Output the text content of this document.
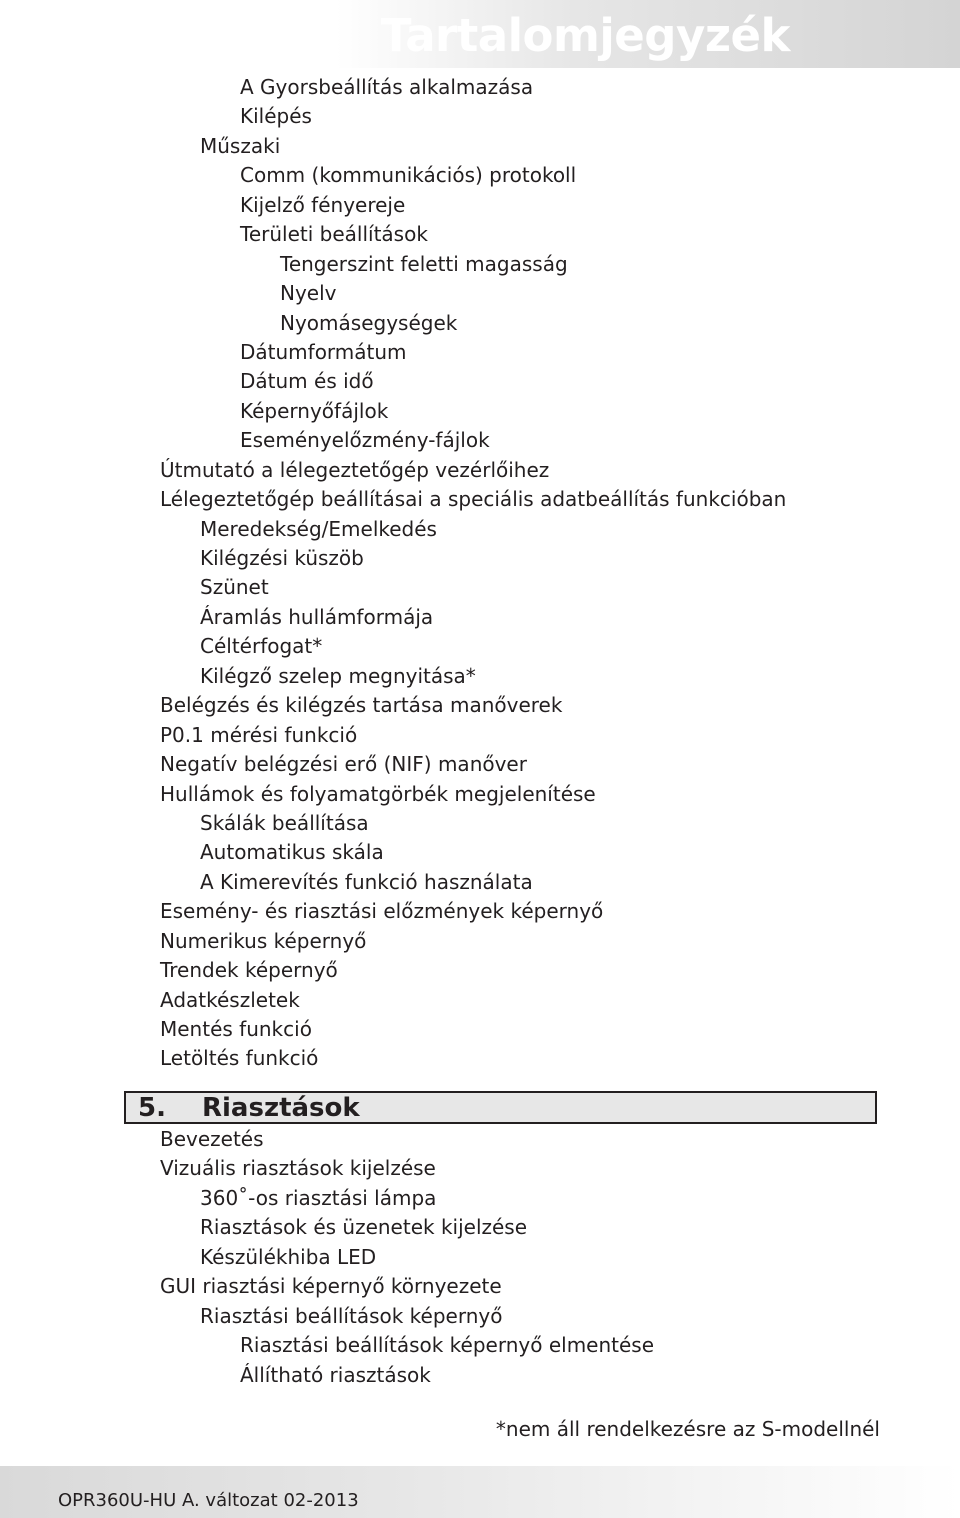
Tartalomjegyzék
A Gyorsbeállítás alkalmazása
Kilépés
Műszaki
Comm (kommunikációs) protokoll
Kijelző fényereje
Területi beállítások
Tengerszint feletti magasság
Nyelv
Nyomásegységek
Dátumformátum
Dátum és idő
Képernyőfájlok
Eseményelőzmény-fájlok
Útmutató a lélegeztetőgép vezérlőihez
Lélegeztetőgép beállításai a speciális adatbeállítás funkcióban
Meredekség/Emelkedés
Kilégzési küszöb
Szünet
Áramlás hullámformája
Céltérfogat*
Kilégző szelep megnyitása*
Belégzés és kilégzés tartása manőverek
P0.1 mérési funkció
Negatív belégzési erő (NIF) manőver
Hullámok és folyamatgörbék megjelenítése
Skálák beállítása
Automatikus skála
A Kimerevítés funkció használata
Esemény- és riasztási előzmények képernyő
Numerikus képernyő
Trendek képernyő
Adatkészletek
Mentés funkció
Letöltés funkció
5. Riasztások
Bevezetés
Vizuális riasztások kijelzése
360˚-os riasztási lámpa
Riasztások és üzenetek kijelzése
Készülékhiba LED
GUI riasztási képernyő környezete
Riasztási beállítások képernyő
Riasztási beállítások képernyő elmentése
Állítható riasztások
*nem áll rendelkezésre az S-modellnél
OPR360U-HU A. változat 02-2013
